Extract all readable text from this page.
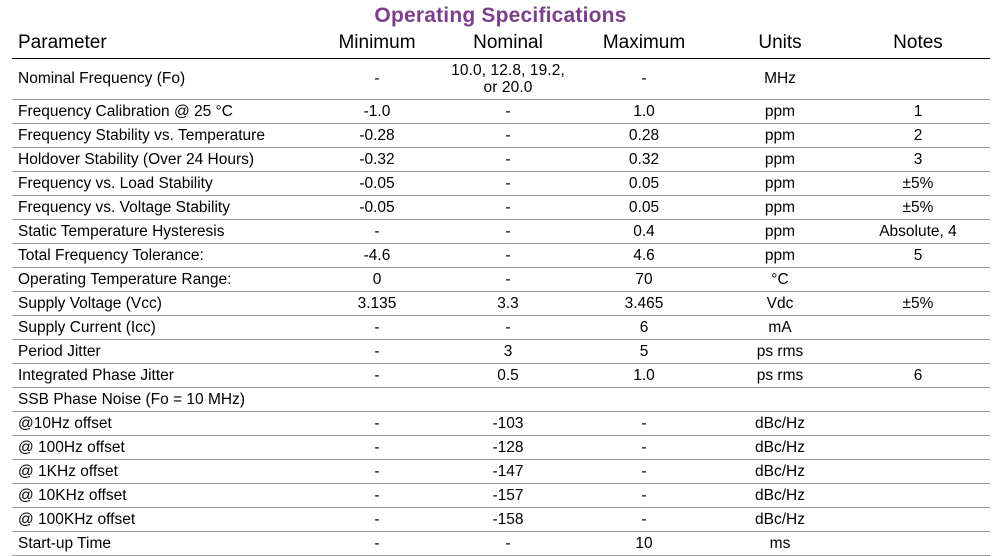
Operating Specifications
Parameter	Minimum	Nominal	Maximum	Units	Notes
Nominal Frequency (Fo)	-	10.0, 12.8, 19.2, or 20.0	-	MHz	
Frequency Calibration @ 25 °C	-1.0	-	1.0	ppm	1
Frequency Stability vs. Temperature	-0.28	-	0.28	ppm	2
Holdover Stability (Over 24 Hours)	-0.32	-	0.32	ppm	3
Frequency vs. Load Stability	-0.05	-	0.05	ppm	±5%
Frequency vs. Voltage Stability	-0.05	-	0.05	ppm	±5%
Static Temperature Hysteresis	-	-	0.4	ppm	Absolute, 4
Total Frequency Tolerance:	-4.6	-	4.6	ppm	5
Operating Temperature Range:	0	-	70	°C	
Supply Voltage (Vcc)	3.135	3.3	3.465	Vdc	±5%
Supply Current (Icc)	-	-	6	mA	
Period Jitter	-	3	5	ps rms	
Integrated Phase Jitter	-	0.5	1.0	ps rms	6
SSB Phase Noise (Fo = 10 MHz)					
@10Hz offset	-	-103	-	dBc/Hz	
@ 100Hz offset	-	-128	-	dBc/Hz	
@ 1KHz offset	-	-147	-	dBc/Hz	
@ 10KHz offset	-	-157	-	dBc/Hz	
@ 100KHz offset	-	-158	-	dBc/Hz	
Start-up Time	-	-	10	ms	
